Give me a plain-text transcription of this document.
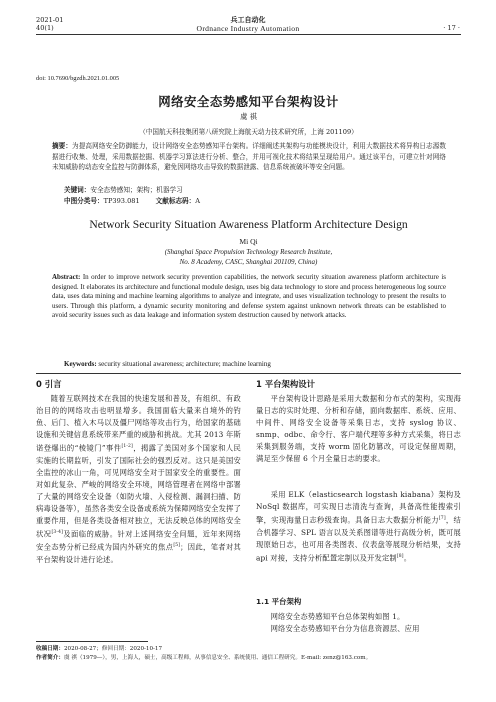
2021-01
40(1)
兵工自动化
Ordnance Industry Automation	· 17 ·
doi: 10.7690/bgzdh.2021.01.005
网络安全态势感知平台架构设计
虞 祺
（中国航天科技集团第八研究院上海航天动力技术研究所，上海 201109）
摘要：为提高网络安全防御能力，设计网络安全态势感知平台架构。详细阐述其架构与功能模块设计，利用大数据技术将异构日志源数据进行收集、处理，采用数据挖掘、机器学习算法进行分析、整合，并用可视化技术将结果呈现给用户。通过该平台，可建立针对网络未知威胁的动态安全监控与防御体系，避免因网络攻击导致的数据泄露、信息系统被破坏等安全问题。
关键词：安全态势感知；架构；机器学习
中图分类号：TP393.081 文献标志码：A
Network Security Situation Awareness Platform Architecture Design
Mi Qi
(Shanghai Space Propulsion Technology Research Institute,
No. 8 Academy, CASC, Shanghai 201109, China)
Abstract: In order to improve network security prevention capabilities, the network security situation awareness platform architecture is designed. It elaborates its architecture and functional module design, uses big data technology to store and process heterogeneous log source data, uses data mining and machine learning algorithms to analyze and integrate, and uses visualization technology to present the results to users. Through this platform, a dynamic security monitoring and defense system against unknown network threats can be established to avoid security issues such as data leakage and information system destruction caused by network attacks.
Keywords: security situational awareness; architecture; machine learning
0 引言
随着互联网技术在我国的快速发展和普及，有组织、有政治目的的网络攻击也明显增多。我国面临大量来自境外的钓鱼、后门、植入木马以及僵尸网络等攻击行为，给国家的基础设施和关键信息系统带来严重的威胁和挑战。尤其 2013 年斯诺登爆出的“棱镜门”事件[1-2]，揭露了美国对多个国家和人民实施的长期监听，引发了国际社会的强烈反对。这只是美国安全监控的冰山一角，可见网络安全对于国家安全的重要性。面对如此复杂、严峻的网络安全环境，网络管理者在网络中部署了大量的网络安全设备（如防火墙、入侵检测、漏洞扫描、防病毒设备等），虽然各类安全设备或系统为保障网络安全发挥了重要作用，但是各类设备相对独立，无法反映总体的网络安全状况[3-4]及面临的威胁。针对上述网络安全问题，近年来网络安全态势分析已经成为国内外研究的焦点[5]；因此，笔者对其平台架构设计进行论述。
1 平台架构设计
平台架构设计思路是采用大数据和分布式的架构，实现海量日志的实时处理、分析和存储，面向数据库、系统、应用、中间件、网络安全设备等采集日志，支持 syslog 协议、snmp、odbc、命令行、客户端代理等多种方式采集，将日志采集到服务端，支持 worm 固化防篡改，可设定保留周期，满足至少保留 6 个月全量日志的要求。
采用 ELK（elasticsearch logstash kiabana）架构及 NoSql 数据库，可实现日志清洗与查询，具备高性能搜索引擎，实现海量日志秒级查询。具备日志大数据分析能力[7]，结合机器学习、SPL 语言以及关系图谱等进行高级分析，既可展现原始日志，也可用各类图表、仪表盘等展现分析结果，支持 api 对接，支持分析配置定制以及开发定制[8]。
1.1 平台架构
网络安全态势感知平台总体架构如图 1。
网络安全态势感知平台分为信息资源层、应用
收稿日期：2020-08-27；修回日期：2020-10-17
作者简介：虞 祺（1979—），男，上海人，硕士，高级工程师，从事信息安全、系统使用、通信工程研究。E-mail: zenz@163.com。
